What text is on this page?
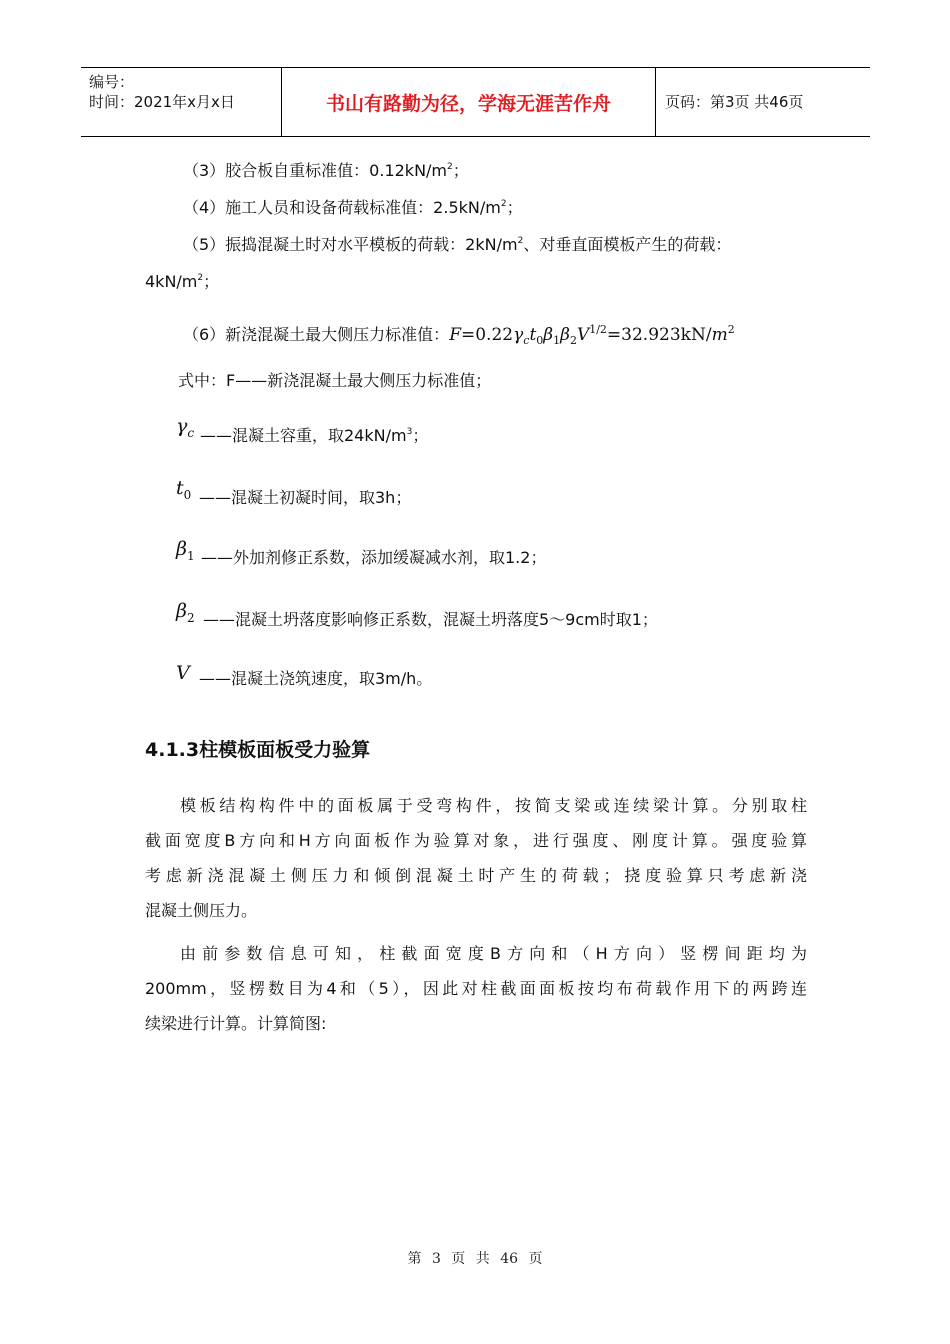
编号：
时间：2021年x月x日	书山有路勤为径，学海无涯苦作舟	页码：第3页 共46页
（3）胶合板自重标准值：$0.12kN/m^2$；
（4）施工人员和设备荷载标准值：$2.5kN/m^2$；
（5）振捣混凝土时对水平模板的荷载：$2kN/m^2$、对垂直面模板产生的荷载：
$4kN/m^2$；
（6）新浇混凝土最大侧压力标准值：$F=0.22\gamma_ct_0\beta_1\beta_2V^{1/2}=32.923kN/m^2$
式中：F——新浇混凝土最大侧压力标准值；
$\gamma_c$ ——混凝土容重，取$24kN/m^3$；
$t_0$ ——混凝土初凝时间，取3h；
$\beta_1$ ——外加剂修正系数，添加缓凝减水剂，取1.2；
$\beta_2$ ——混凝土坍落度影响修正系数，混凝土坍落度5～9cm时取1；
V ——混凝土浇筑速度，取3m/h。
4.1.3柱模板面板受力验算
模板结构构件中的面板属于受弯构件，按简支梁或连续梁计算。分别取柱
截面宽度B方向和H方向面板作为验算对象，进行强度、刚度计算。强度验算
考虑新浇混凝土侧压力和倾倒混凝土时产生的荷载；挠度验算只考虑新浇
混凝土侧压力。
由前参数信息可知，柱截面宽度B方向和（H方向）竖楞间距均为
200mm，竖楞数目为4和（5），因此对柱截面面板按均布荷载作用下的两跨连
续梁进行计算。计算简图:
第 3 页 共 46 页
